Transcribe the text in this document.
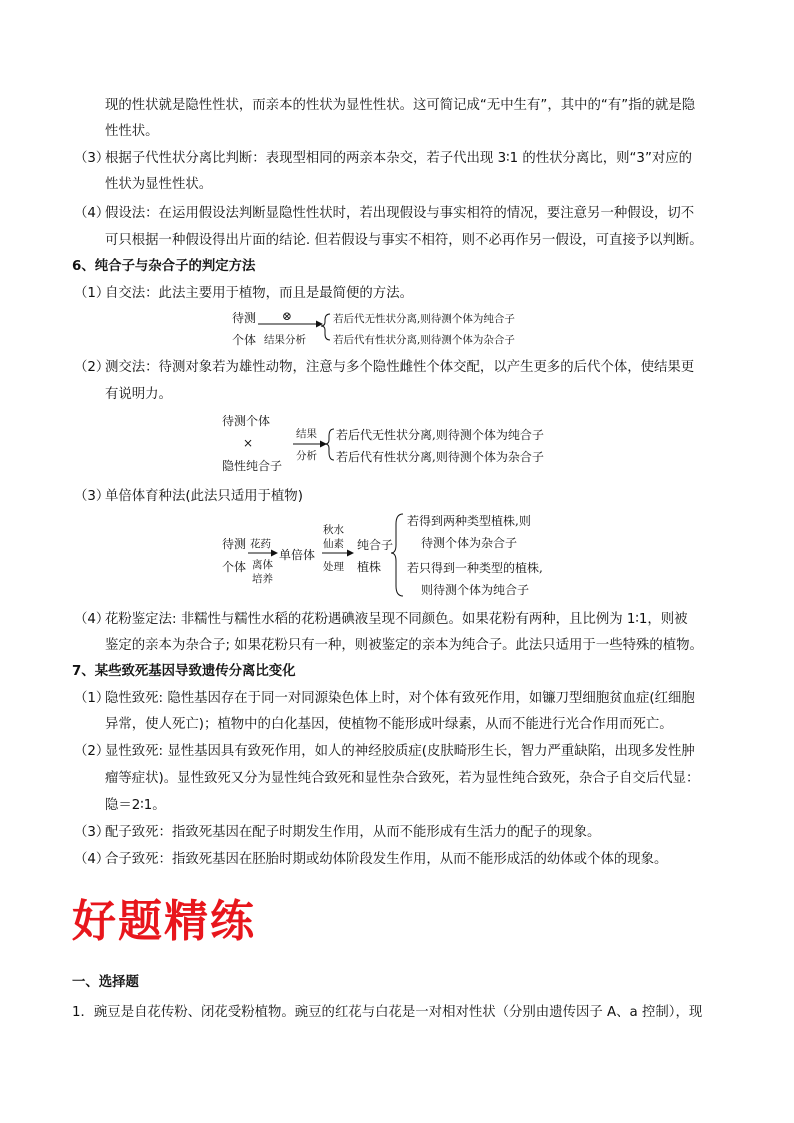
现的性状就是隐性性状，而亲本的性状为显性性状。这可简记成“无中生有”，其中的“有”指的就是隐
性性状。
（3）
根据子代性状分离比判断：表现型相同的两亲本杂交，若子代出现 3∶1 的性状分离比，则“3”对应的
性状为显性性状。
（4）
假设法：在运用假设法判断显隐性性状时，若出现假设与事实相符的情况，要注意另一种假设，切不
可只根据一种假设得出片面的结论. 但若假设与事实不相符，则不必再作另一假设，可直接予以判断。
6、纯合子与杂合子的判定方法
（1）
自交法：此法主要用于植物，而且是最简便的方法。
待测 ⊗
个体 结果分析
若后代无性状分离,则待测个体为纯合子
若后代有性状分离,则待测个体为杂合子
（2）
测交法：待测对象若为雄性动物，注意与多个隐性雌性个体交配，以产生更多的后代个体，使结果更
有说明力。
待测个体
×
隐性纯合子
结果
分析
若后代无性状分离,则待测个体为纯合子
若后代有性状分离,则待测个体为杂合子
（3）
单倍体育种法(此法只适用于植物)
待测
个体
花药
离体
培养
单倍体
秋水
仙素
处理
纯合子
植株
若得到两种类型植株,则
待测个体为杂合子
若只得到一种类型的植株,
则待测个体为纯合子
（4）
花粉鉴定法: 非糯性与糯性水稻的花粉遇碘液呈现不同颜色。如果花粉有两种，且比例为 1∶1，则被
鉴定的亲本为杂合子; 如果花粉只有一种，则被鉴定的亲本为纯合子。此法只适用于一些特殊的植物。
7、某些致死基因导致遗传分离比变化
（1）
隐性致死: 隐性基因存在于同一对同源染色体上时，对个体有致死作用，如镰刀型细胞贫血症(红细胞
异常，使人死亡)；植物中的白化基因，使植物不能形成叶绿素，从而不能进行光合作用而死亡。
（2）
显性致死: 显性基因具有致死作用，如人的神经胶质症(皮肤畸形生长，智力严重缺陷，出现多发性肿
瘤等症状)。显性致死又分为显性纯合致死和显性杂合致死，若为显性纯合致死，杂合子自交后代显：
隐＝2∶1。
（3）
配子致死：指致死基因在配子时期发生作用，从而不能形成有生活力的配子的现象。
（4）
合子致死：指致死基因在胚胎时期或幼体阶段发生作用，从而不能形成活的幼体或个体的现象。
好题精练
一、选择题
1．豌豆是自花传粉、闭花受粉植物。豌豆的红花与白花是一对相对性状（分别由遗传因子 A、a 控制），现
